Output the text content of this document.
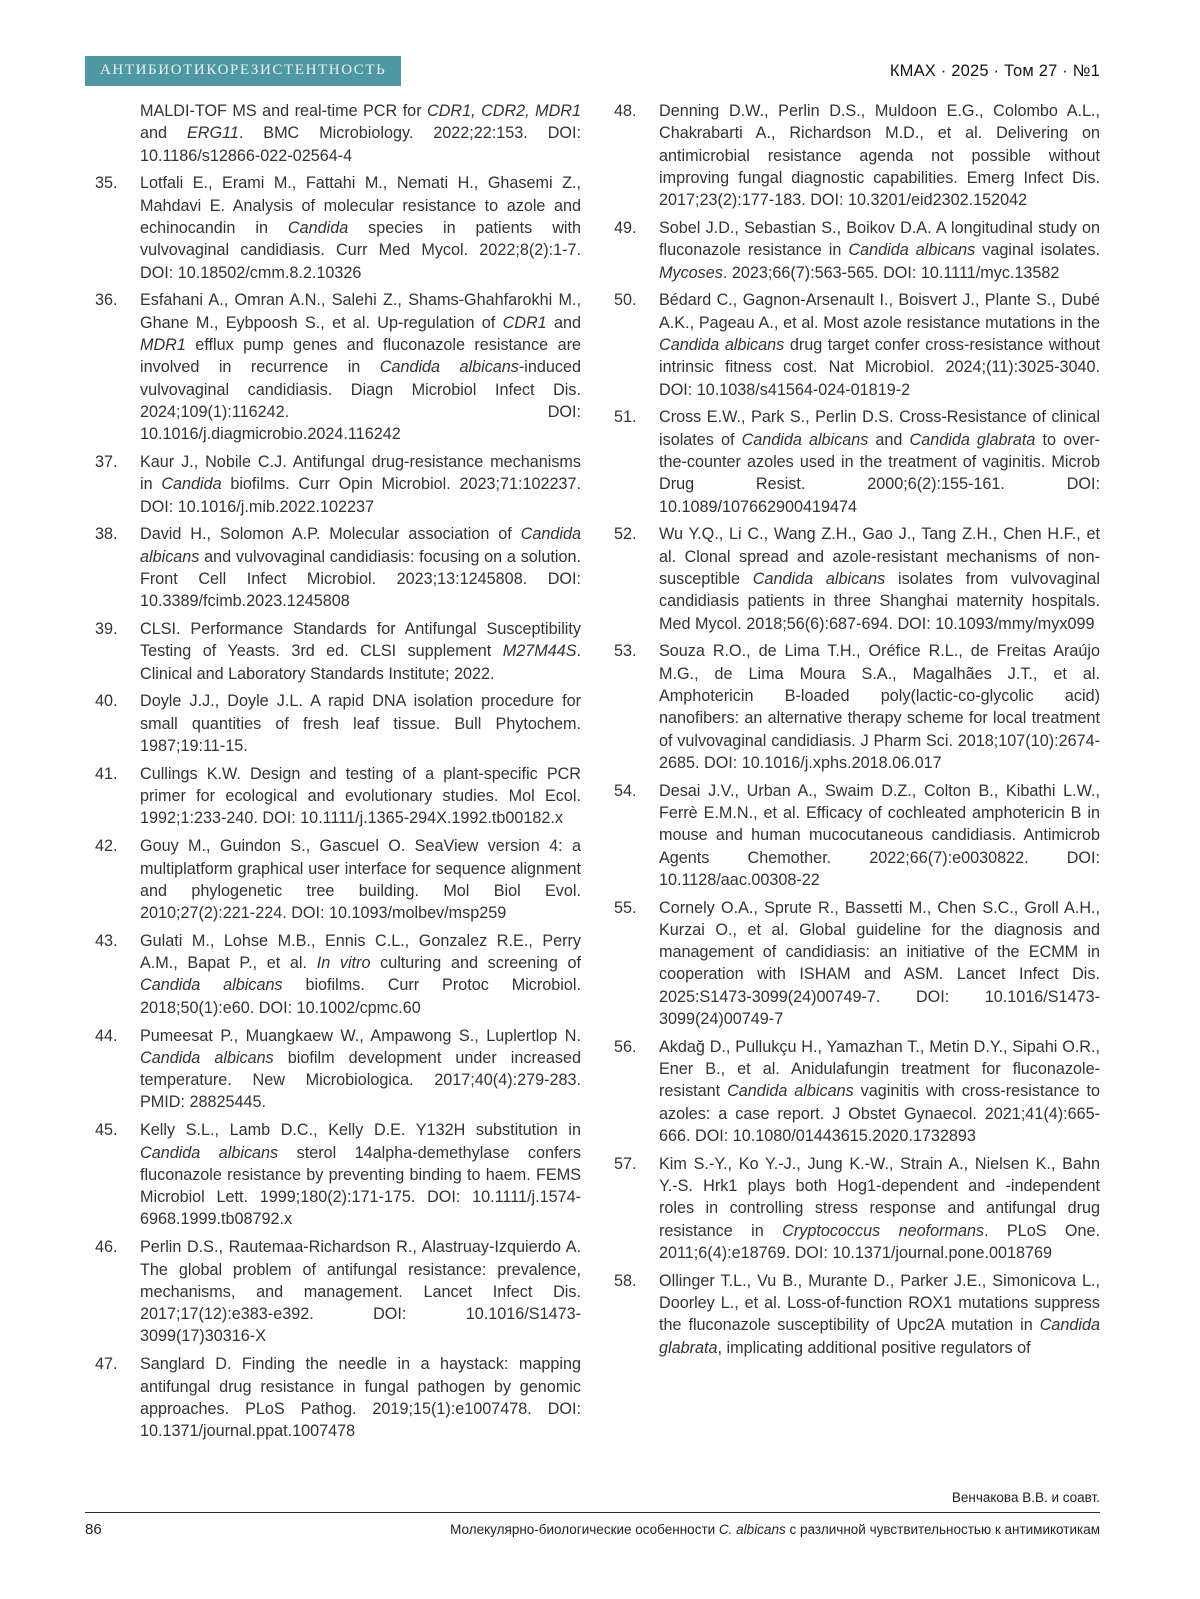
АНТИБИОТИКОРЕЗИСТЕНТНОСТЬ	КМАХ · 2025 · Том 27 · №1
MALDI-TOF MS and real-time PCR for CDR1, CDR2, MDR1 and ERG11. BMC Microbiology. 2022;22:153. DOI: 10.1186/s12866-022-02564-4
35.	Lotfali E., Erami M., Fattahi M., Nemati H., Ghasemi Z., Mahdavi E. Analysis of molecular resistance to azole and echinocandin in Candida species in patients with vulvovaginal candidiasis. Curr Med Mycol. 2022;8(2):1-7. DOI: 10.18502/cmm.8.2.10326
36.	Esfahani A., Omran A.N., Salehi Z., Shams-Ghahfarokhi M., Ghane M., Eybpoosh S., et al. Up-regulation of CDR1 and MDR1 efflux pump genes and fluconazole resistance are involved in recurrence in Candida albicans-induced vulvovaginal candidiasis. Diagn Microbiol Infect Dis. 2024;109(1):116242. DOI: 10.1016/j.diagmicrobio.2024.116242
37.	Kaur J., Nobile C.J. Antifungal drug-resistance mechanisms in Candida biofilms. Curr Opin Microbiol. 2023;71:102237. DOI: 10.1016/j.mib.2022.102237
38.	David H., Solomon A.P. Molecular association of Candida albicans and vulvovaginal candidiasis: focusing on a solution. Front Cell Infect Microbiol. 2023;13:1245808. DOI: 10.3389/fcimb.2023.1245808
39.	CLSI. Performance Standards for Antifungal Susceptibility Testing of Yeasts. 3rd ed. CLSI supplement M27M44S. Clinical and Laboratory Standards Institute; 2022.
40.	Doyle J.J., Doyle J.L. A rapid DNA isolation procedure for small quantities of fresh leaf tissue. Bull Phytochem. 1987;19:11-15.
41.	Cullings K.W. Design and testing of a plant-specific PCR primer for ecological and evolutionary studies. Mol Ecol. 1992;1:233-240. DOI: 10.1111/j.1365-294X.1992.tb00182.x
42.	Gouy M., Guindon S., Gascuel O. SeaView version 4: a multiplatform graphical user interface for sequence alignment and phylogenetic tree building. Mol Biol Evol. 2010;27(2):221-224. DOI: 10.1093/molbev/msp259
43.	Gulati M., Lohse M.B., Ennis C.L., Gonzalez R.E., Perry A.M., Bapat P., et al. In vitro culturing and screening of Candida albicans biofilms. Curr Protoc Microbiol. 2018;50(1):e60. DOI: 10.1002/cpmc.60
44.	Pumeesat P., Muangkaew W., Ampawong S., Luplertlop N. Candida albicans biofilm development under increased temperature. New Microbiologica. 2017;40(4):279-283. PMID: 28825445.
45.	Kelly S.L., Lamb D.C., Kelly D.E. Y132H substitution in Candida albicans sterol 14alpha-demethylase confers fluconazole resistance by preventing binding to haem. FEMS Microbiol Lett. 1999;180(2):171-175. DOI: 10.1111/j.1574-6968.1999.tb08792.x
46.	Perlin D.S., Rautemaa-Richardson R., Alastruay-Izquierdo A. The global problem of antifungal resistance: prevalence, mechanisms, and management. Lancet Infect Dis. 2017;17(12):e383-e392. DOI: 10.1016/S1473-3099(17)30316-X
47.	Sanglard D. Finding the needle in a haystack: mapping antifungal drug resistance in fungal pathogen by genomic approaches. PLoS Pathog. 2019;15(1):e1007478. DOI: 10.1371/journal.ppat.1007478
48.	Denning D.W., Perlin D.S., Muldoon E.G., Colombo A.L., Chakrabarti A., Richardson M.D., et al. Delivering on antimicrobial resistance agenda not possible without improving fungal diagnostic capabilities. Emerg Infect Dis. 2017;23(2):177-183. DOI: 10.3201/eid2302.152042
49.	Sobel J.D., Sebastian S., Boikov D.A. A longitudinal study on fluconazole resistance in Candida albicans vaginal isolates. Mycoses. 2023;66(7):563-565. DOI: 10.1111/myc.13582
50.	Bédard C., Gagnon-Arsenault I., Boisvert J., Plante S., Dubé A.K., Pageau A., et al. Most azole resistance mutations in the Candida albicans drug target confer cross-resistance without intrinsic fitness cost. Nat Microbiol. 2024;(11):3025-3040. DOI: 10.1038/s41564-024-01819-2
51.	Cross E.W., Park S., Perlin D.S. Cross-Resistance of clinical isolates of Candida albicans and Candida glabrata to over-the-counter azoles used in the treatment of vaginitis. Microb Drug Resist. 2000;6(2):155-161. DOI: 10.1089/107662900419474
52.	Wu Y.Q., Li C., Wang Z.H., Gao J., Tang Z.H., Chen H.F., et al. Clonal spread and azole-resistant mechanisms of non-susceptible Candida albicans isolates from vulvovaginal candidiasis patients in three Shanghai maternity hospitals. Med Mycol. 2018;56(6):687-694. DOI: 10.1093/mmy/myx099
53.	Souza R.O., de Lima T.H., Oréfice R.L., de Freitas Araújo M.G., de Lima Moura S.A., Magalhães J.T., et al. Amphotericin B-loaded poly(lactic-co-glycolic acid) nanofibers: an alternative therapy scheme for local treatment of vulvovaginal candidiasis. J Pharm Sci. 2018;107(10):2674-2685. DOI: 10.1016/j.xphs.2018.06.017
54.	Desai J.V., Urban A., Swaim D.Z., Colton B., Kibathi L.W., Ferrè E.M.N., et al. Efficacy of cochleated amphotericin B in mouse and human mucocutaneous candidiasis. Antimicrob Agents Chemother. 2022;66(7):e0030822. DOI: 10.1128/aac.00308-22
55.	Cornely O.A., Sprute R., Bassetti M., Chen S.C., Groll A.H., Kurzai O., et al. Global guideline for the diagnosis and management of candidiasis: an initiative of the ECMM in cooperation with ISHAM and ASM. Lancet Infect Dis. 2025:S1473-3099(24)00749-7. DOI: 10.1016/S1473-3099(24)00749-7
56.	Akdağ D., Pullukçu H., Yamazhan T., Metin D.Y., Sipahi O.R., Ener B., et al. Anidulafungin treatment for fluconazole-resistant Candida albicans vaginitis with cross-resistance to azoles: a case report. J Obstet Gynaecol. 2021;41(4):665-666. DOI: 10.1080/01443615.2020.1732893
57.	Kim S.-Y., Ko Y.-J., Jung K.-W., Strain A., Nielsen K., Bahn Y.-S. Hrk1 plays both Hog1-dependent and -independent roles in controlling stress response and antifungal drug resistance in Cryptococcus neoformans. PLoS One. 2011;6(4):e18769. DOI: 10.1371/journal.pone.0018769
58.	Ollinger T.L., Vu B., Murante D., Parker J.E., Simonicova L., Doorley L., et al. Loss-of-function ROX1 mutations suppress the fluconazole susceptibility of Upc2A mutation in Candida glabrata, implicating additional positive regulators of
Венчакова В.В. и соавт.
86	Молекулярно-биологические особенности C. albicans с различной чувствительностью к антимикотикам
